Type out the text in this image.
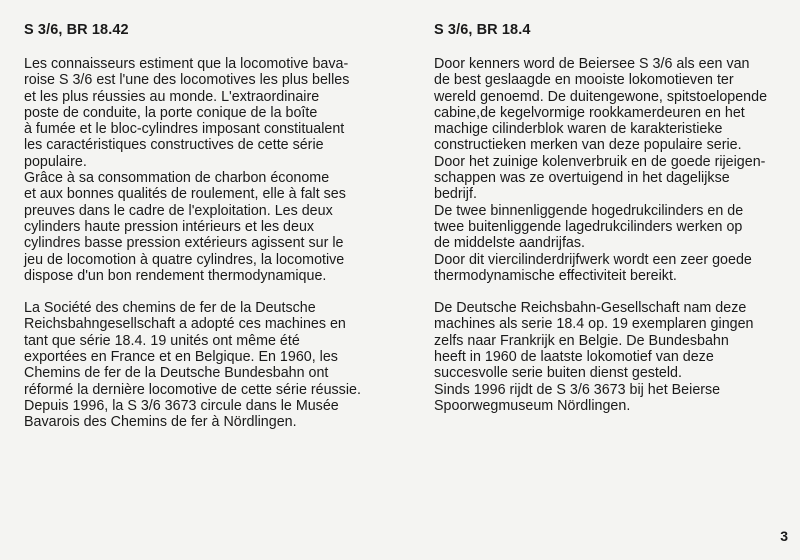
S 3/6, BR 18.42
Les connaisseurs estiment que la locomotive bava-
roise S 3/6 est l'une des locomotives les plus belles
et les plus réussies au monde. L'extraordinaire
poste de conduite, la porte conique de la boîte
à fumée et le bloc-cylindres imposant constitualent
les caractéristiques constructives de cette série
populaire.
Grâce à sa consommation de charbon économe
et aux bonnes qualités de roulement, elle à falt ses
preuves dans le cadre de l'exploitation. Les deux
cylinders haute pression intérieurs et les deux
cylindres basse pression extérieurs agissent sur le
jeu de locomotion à quatre cylindres, la locomotive
dispose d'un bon rendement thermodynamique.
La Société des chemins de fer de la Deutsche
Reichsbahngesellschaft a adopté ces machines en
tant que série 18.4. 19 unités ont même été
exportées en France et en Belgique. En 1960, les
Chemins de fer de la Deutsche Bundesbahn ont
réformé la dernière locomotive de cette série réussie.
Depuis 1996, la S 3/6 3673 circule dans le Musée
Bavarois des Chemins de fer à Nördlingen.
S 3/6, BR 18.4
Door kenners word de Beiersee S 3/6 als een van
de best geslaagde en mooiste lokomotieven ter
wereld genoemd. De duitengewone, spitstoelopende
cabine,de kegelvormige rookkamerdeuren en het
machige cilinderblok waren de karakteristieke
constructieken merken van deze populaire serie.
Door het zuinige kolenverbruik en de goede rijeigen-
schappen was ze overtuigend in het dagelijkse
bedrijf.
De twee binnenliggende hogedrukcilinders en de
twee buitenliggende lagedrukcilinders werken op
de middelste aandrijfas.
Door dit viercilinderdrijfwerk wordt een zeer goede
thermodynamische effectiviteit bereikt.
De Deutsche Reichsbahn-Gesellschaft nam deze
machines als serie 18.4 op. 19 exemplaren gingen
zelfs naar Frankrijk en Belgie. De Bundesbahn
heeft in 1960 de laatste lokomotief van deze
succesvolle serie buiten dienst gesteld.
Sinds 1996 rijdt de S 3/6 3673 bij het Beierse
Spoorwegmuseum Nördlingen.
3
